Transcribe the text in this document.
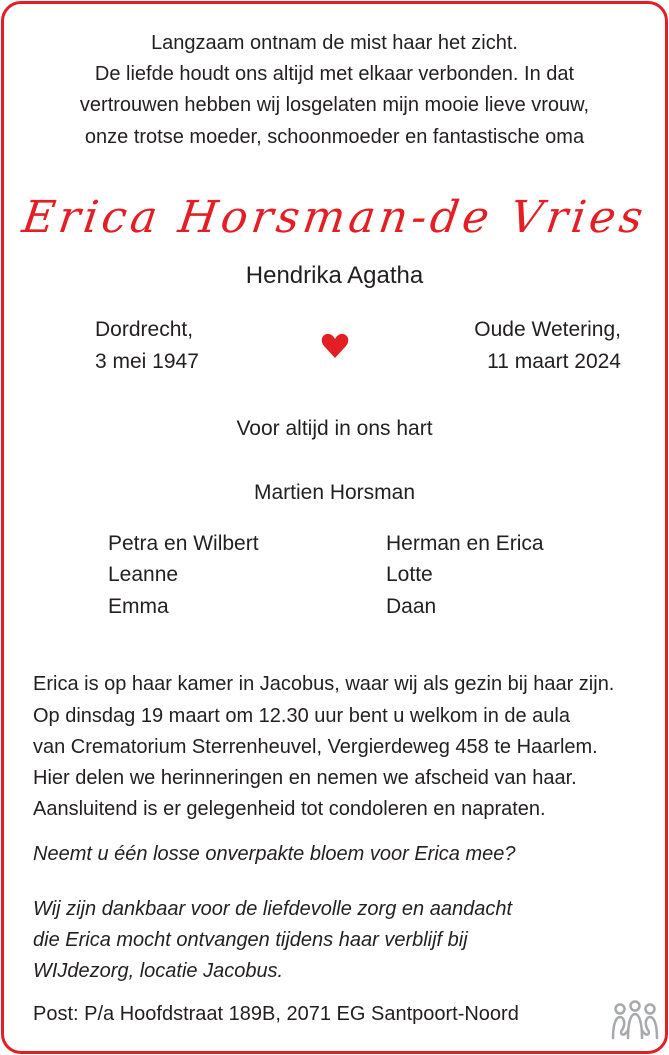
Langzaam ontnam de mist haar het zicht.
De liefde houdt ons altijd met elkaar verbonden. In dat
vertrouwen hebben wij losgelaten mijn mooie lieve vrouw,
onze trotse moeder, schoonmoeder en fantastische oma
Erica Horsman-de Vries
Hendrika Agatha
Dordrecht,
3 mei 1947
Oude Wetering,
11 maart 2024
Voor altijd in ons hart
Martien Horsman
Petra en Wilbert
Leanne
Emma
Herman en Erica
Lotte
Daan
Erica is op haar kamer in Jacobus, waar wij als gezin bij haar zijn.
Op dinsdag 19 maart om 12.30 uur bent u welkom in de aula
van Crematorium Sterrenheuvel, Vergierdeweg 458 te Haarlem.
Hier delen we herinneringen en nemen we afscheid van haar.
Aansluitend is er gelegenheid tot condoleren en napraten.
Neemt u één losse onverpakte bloem voor Erica mee?
Wij zijn dankbaar voor de liefdevolle zorg en aandacht
die Erica mocht ontvangen tijdens haar verblijf bij
WIJdezorg, locatie Jacobus.
Post: P/a Hoofdstraat 189B, 2071 EG Santpoort-Noord
